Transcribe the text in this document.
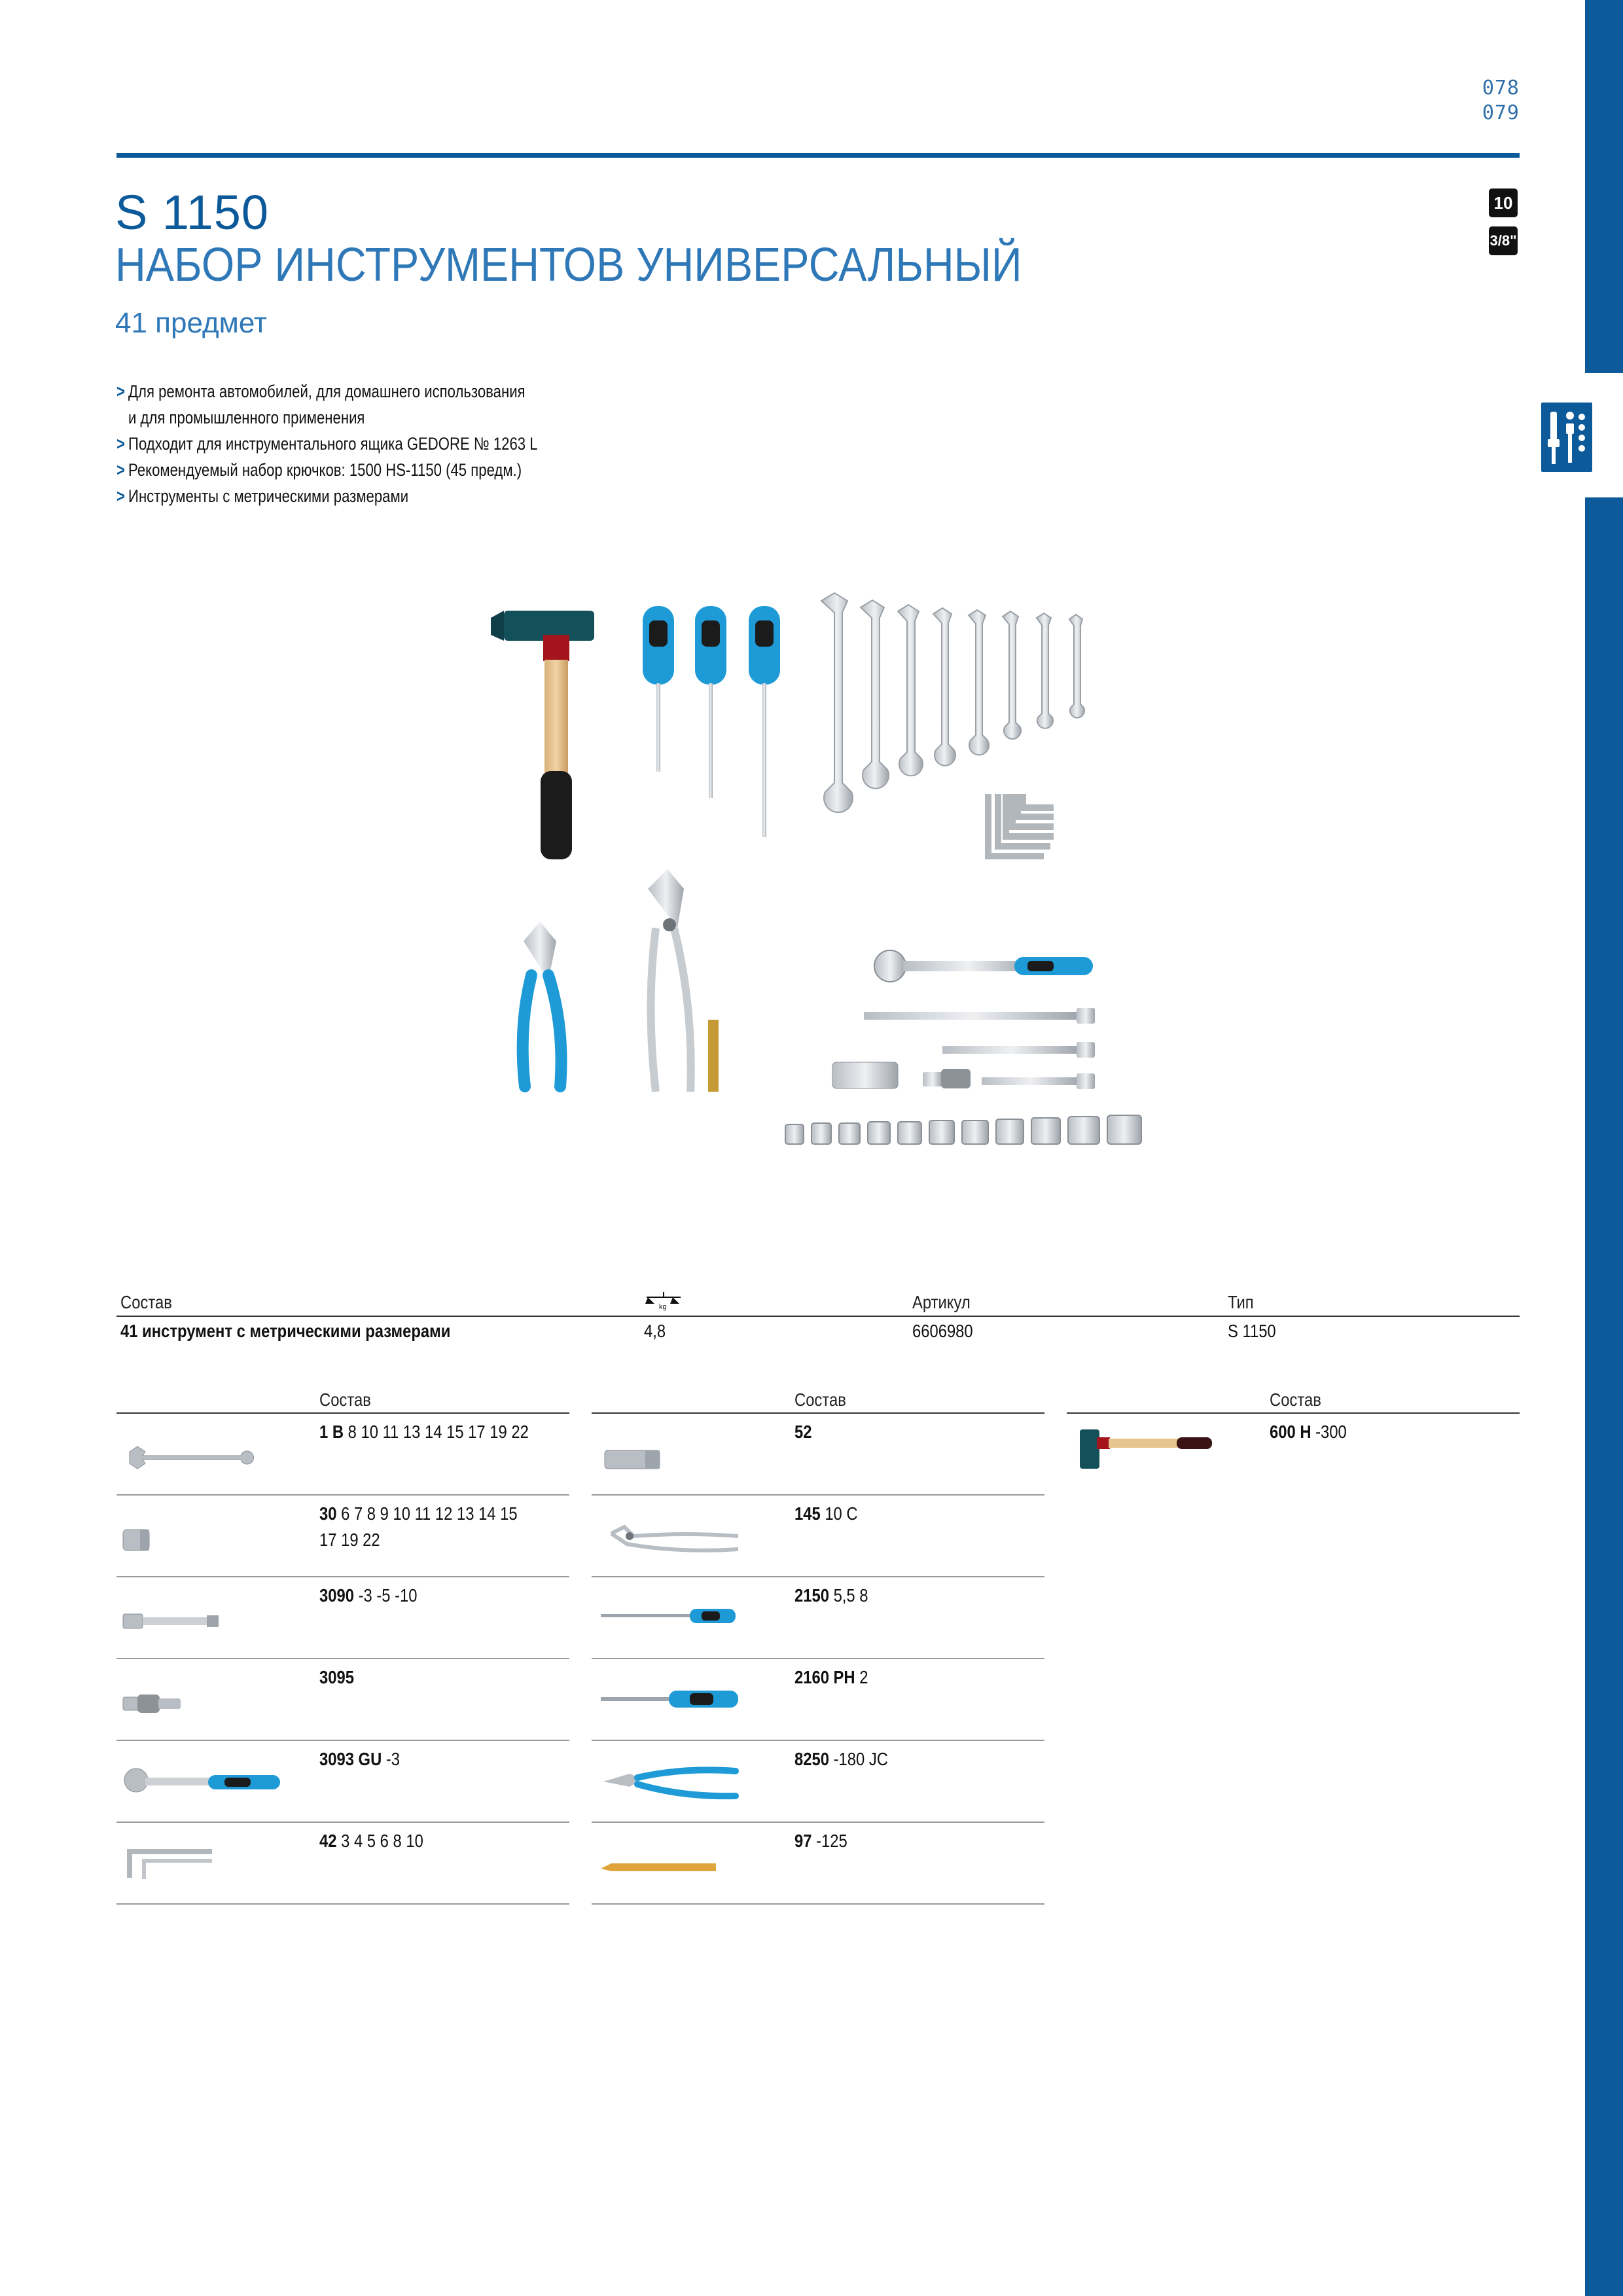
078
079
S 1150
НАБОР ИНСТРУМЕНТОВ УНИВЕРСАЛЬНЫЙ
41 предмет
10
3/8"
> Для ремонта автомобилей, для домашнего использования
и для промышленного применения
> Подходит для инструментального ящика GEDORE № 1263 L
> Рекомендуемый набор крючков: 1500 HS-1150 (45 предм.)
> Инструменты с метрическими размерами
Состав	kg	Артикул	Тип
41 инструмент с метрическими размерами	4,8	6606980	S 1150
Состав
1 B 8 10 11 13 14 15 17 19 22
30 6 7 8 9 10 11 12 13 14 15 17 19 22
3090 -3 -5 -10
3095
3093 GU -3
42 3 4 5 6 8 10
Состав
52
145 10 C
2150 5,5 8
2160 PH 2
8250 -180 JC
97 -125
Состав
600 H -300
